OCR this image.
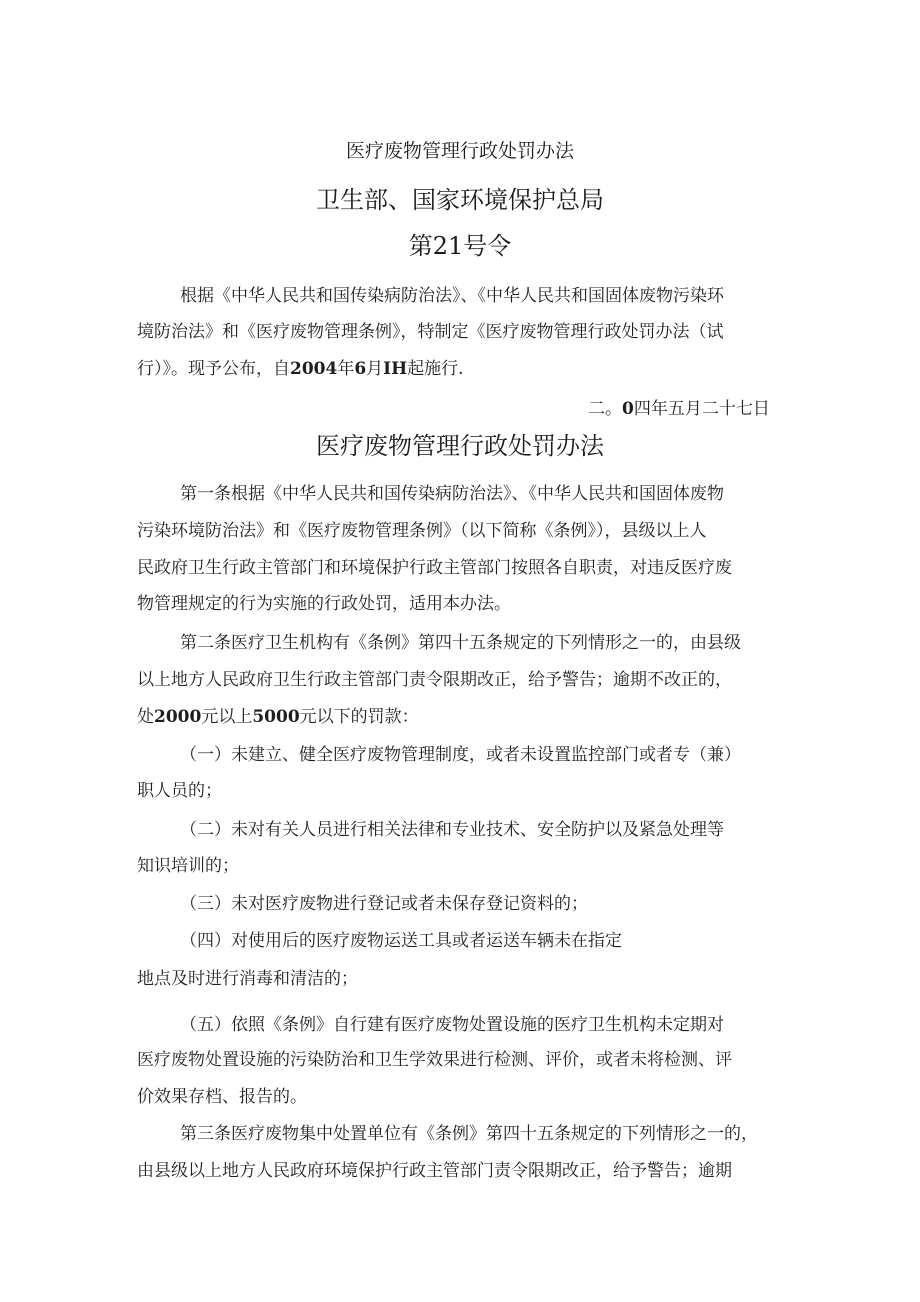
医疗废物管理行政处罚办法
卫生部、国家环境保护总局
第21号令
根据《中华人民共和国传染病防治法》、《中华人民共和国固体废物污染环
境防治法》和《医疗废物管理条例》，特制定《医疗废物管理行政处罚办法（试
行）》。现予公布，自2004年6月IH起施行.
二。0四年五月二十七日
医疗废物管理行政处罚办法
第一条根据《中华人民共和国传染病防治法》、《中华人民共和国固体废物
污染环境防治法》和《医疗废物管理条例》（以下简称《条例》），县级以上人
民政府卫生行政主管部门和环境保护行政主管部门按照各自职责，对违反医疗废
物管理规定的行为实施的行政处罚，适用本办法。
第二条医疗卫生机构有《条例》第四十五条规定的下列情形之一的，由县级
以上地方人民政府卫生行政主管部门责令限期改正，给予警告；逾期不改正的，
处2000元以上5000元以下的罚款：
（一）未建立、健全医疗废物管理制度，或者未设置监控部门或者专（兼）
职人员的；
（二）未对有关人员进行相关法律和专业技术、安全防护以及紧急处理等
知识培训的；
（三）未对医疗废物进行登记或者未保存登记资料的；
（四）对使用后的医疗废物运送工具或者运送车辆未在指定
地点及时进行消毒和清洁的；
（五）依照《条例》自行建有医疗废物处置设施的医疗卫生机构未定期对
医疗废物处置设施的污染防治和卫生学效果进行检测、评价，或者未将检测、评
价效果存档、报告的。
第三条医疗废物集中处置单位有《条例》第四十五条规定的下列情形之一的，
由县级以上地方人民政府环境保护行政主管部门责令限期改正，给予警告；逾期
